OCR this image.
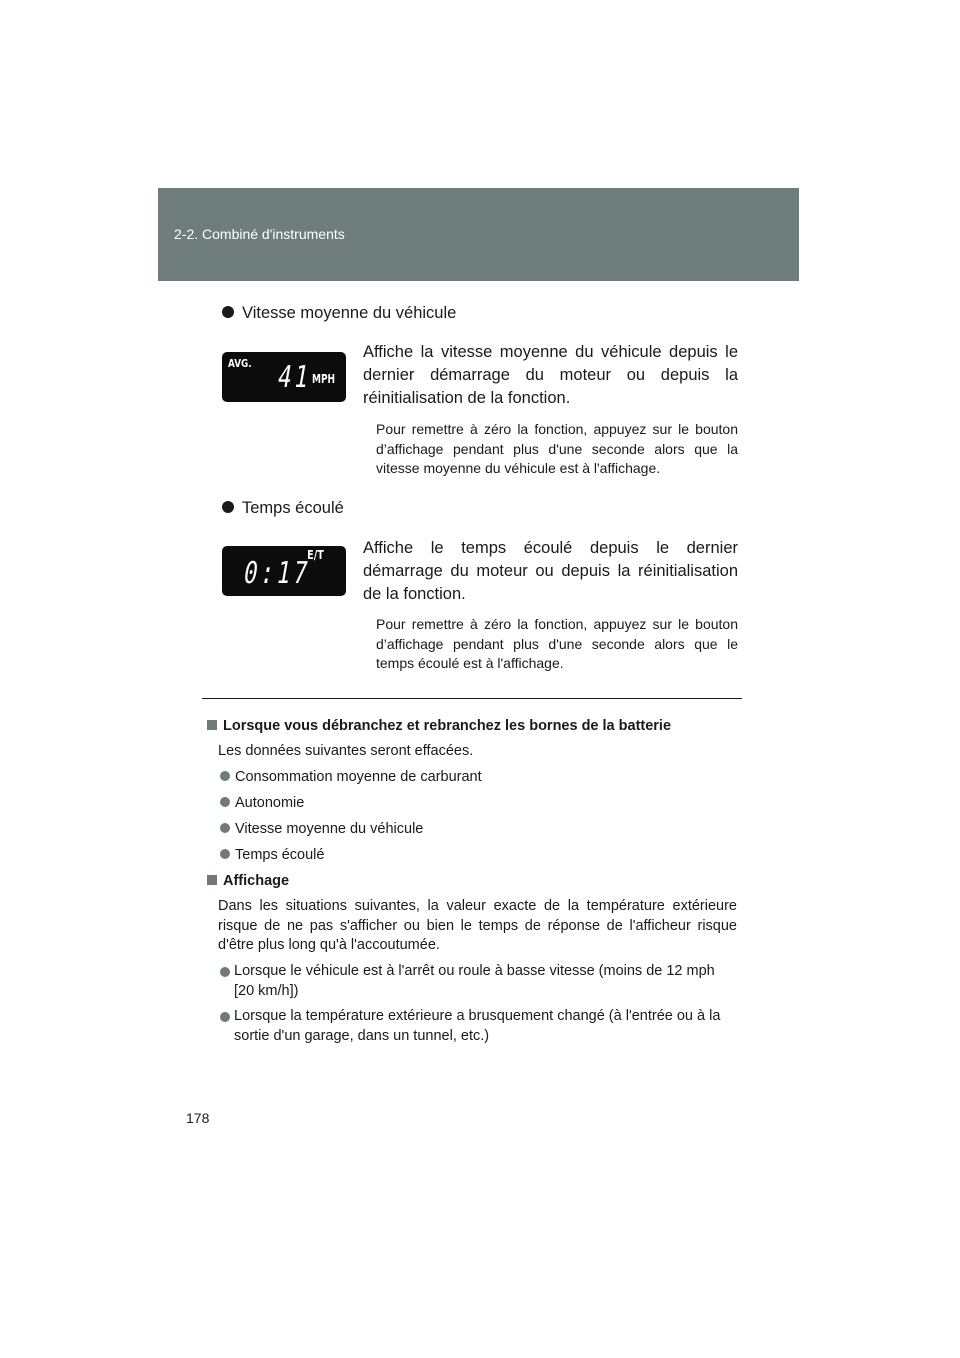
2-2. Combiné d'instruments
Vitesse moyenne du véhicule
AVG. 41
MPH
Affiche la vitesse moyenne du véhicule depuis le dernier démarrage du moteur ou depuis la réinitialisation de la fonction.
Pour remettre à zéro la fonction, appuyez sur le bouton d’affichage pendant plus d'une seconde alors que la vitesse moyenne du véhicule est à l'affichage.
Temps écoulé
E/T
0:17
Affiche le temps écoulé depuis le dernier démarrage du moteur ou depuis la réinitialisation de la fonction.
Pour remettre à zéro la fonction, appuyez sur le bouton d’affichage pendant plus d'une seconde alors que le temps écoulé est à l'affichage.
Lorsque vous débranchez et rebranchez les bornes de la batterie
Les données suivantes seront effacées.
Consommation moyenne de carburant
Autonomie
Vitesse moyenne du véhicule
Temps écoulé
Affichage
Dans les situations suivantes, la valeur exacte de la température extérieure risque de ne pas s'afficher ou bien le temps de réponse de l'afficheur risque d'être plus long qu'à l'accoutumée.
Lorsque le véhicule est à l'arrêt ou roule à basse vitesse (moins de 12 mph [20 km/h])
Lorsque la température extérieure a brusquement changé (à l'entrée ou à la sortie d'un garage, dans un tunnel, etc.)
178
